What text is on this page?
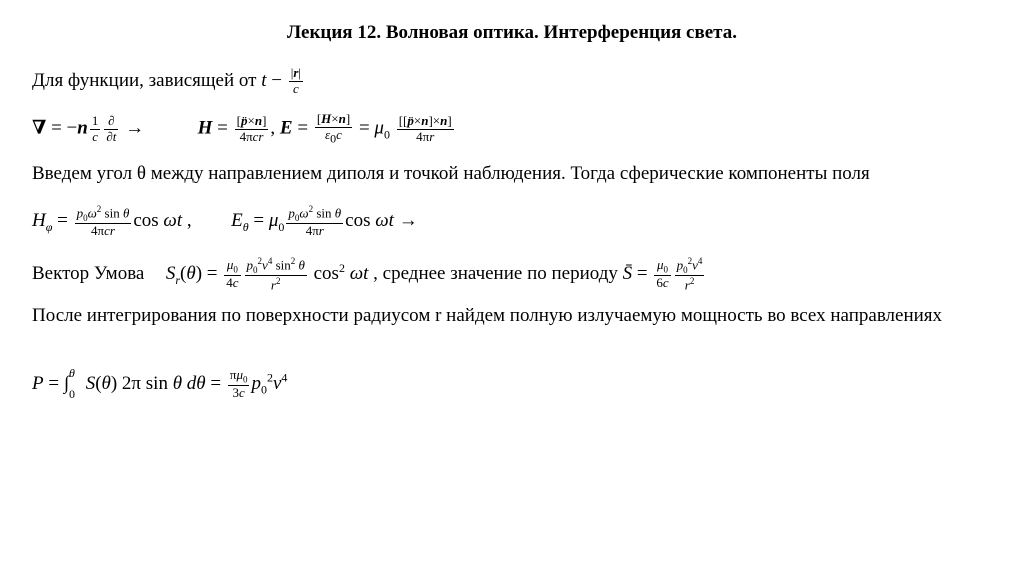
Лекция 12. Волновая оптика. Интерференция света.
Для функции, зависящей от $t - \frac{|r|}{c}$
∇ = $-n \frac{1}{c} \frac{\partial}{\partial t}$ →	$H = \frac{[p̈\times n]}{\text{4πcr}}$ , $E = \frac{[H\times n]}{\varepsilon_0c} = \mu_0 \frac{[[p̈\times n]\times n]}{4\pi r}$
Введем угол θ между направлением диполя и точкой наблюдения. Тогда сферические компоненты поля
$H_\varphi = \frac{p_0\omega^2 \sin \theta}{\text{4πcr}}$ cos ωt ,  $E_\theta = \mu_0 \frac{p_0\omega^2 \sin \theta}{4\pi r}$ cos ωt →
Вектор Умова $S_r(\theta) = \frac{\mu_0}{4c} \frac{p_0^2\nu^4 \sin^2 \theta}{r^2} \cos^2 \omega t$ , среднее значение по периоду S̄ = $\frac{\mu_0}{6c} \frac{p_0^2\nu^4}{r^2}$
После интегрирования по поверхности радиусом r найдем полную излучаемую мощность во всех направлениях
$P = \int_0^\theta$ S(θ) 2π sin θ $d\theta = \frac{\pi\mu_0}{3c} p_0^2\nu^4$
